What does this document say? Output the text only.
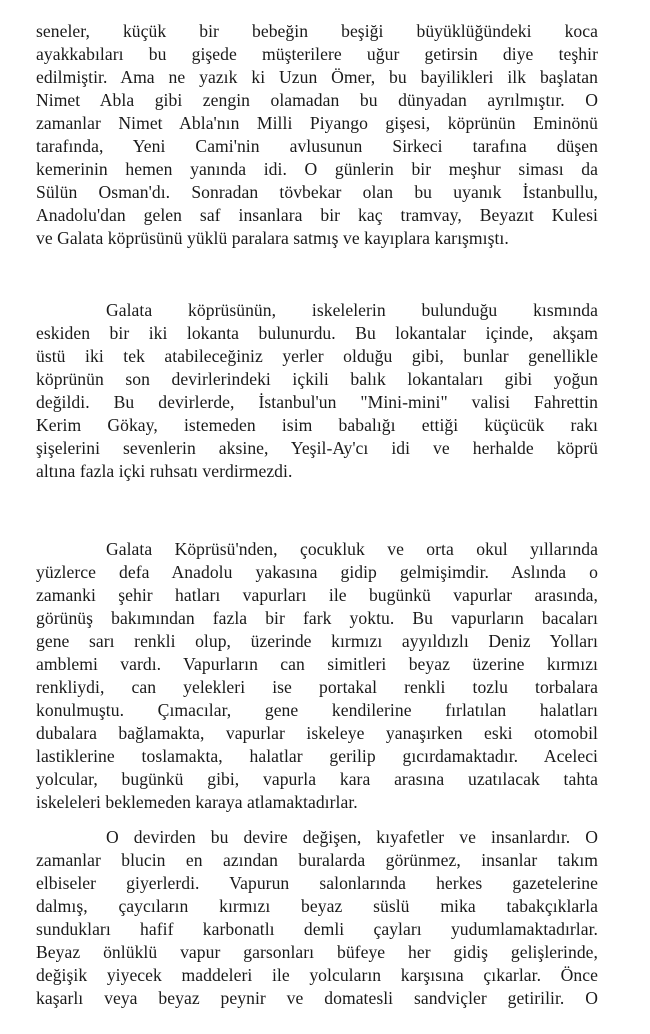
seneler, küçük bir bebeğin beşiği büyüklüğündeki koca
ayakkabıları bu gişede müşterilere uğur getirsin diye teşhir
edilmiştir. Ama ne yazık ki Uzun Ömer, bu bayilikleri ilk başlatan
Nimet Abla gibi zengin olamadan bu dünyadan ayrılmıştır. O
zamanlar Nimet Abla'nın Milli Piyango gişesi, köprünün Eminönü
tarafında, Yeni Cami'nin avlusunun Sirkeci tarafına düşen
kemerinin hemen yanında idi. O günlerin bir meşhur siması da
Sülün Osman'dı. Sonradan tövbekar olan bu uyanık İstanbullu,
Anadolu'dan gelen saf insanlara bir kaç tramvay, Beyazıt Kulesi
ve Galata köprüsünü yüklü paralara satmış ve kayıplara karışmıştı.
Galata köprüsünün, iskelelerin bulunduğu kısmında
eskiden bir iki lokanta bulunurdu. Bu lokantalar içinde, akşam
üstü iki tek atabileceğiniz yerler olduğu gibi, bunlar genellikle
köprünün son devirlerindeki içkili balık lokantaları gibi yoğun
değildi. Bu devirlerde, İstanbul'un "Mini-mini" valisi Fahrettin
Kerim Gökay, istemeden isim babalığı ettiği küçücük rakı
şişelerini sevenlerin aksine, Yeşil-Ay'cı idi ve herhalde köprü
altına fazla içki ruhsatı verdirmezdi.
Galata Köprüsü'nden, çocukluk ve orta okul yıllarında
yüzlerce defa Anadolu yakasına gidip gelmişimdir. Aslında o
zamanki şehir hatları vapurları ile bugünkü vapurlar arasında,
görünüş bakımından fazla bir fark yoktu. Bu vapurların bacaları
gene sarı renkli olup, üzerinde kırmızı ayyıldızlı Deniz Yolları
amblemi vardı. Vapurların can simitleri beyaz üzerine kırmızı
renkliydi, can yelekleri ise portakal renkli tozlu torbalara
konulmuştu. Çımacılar, gene kendilerine fırlatılan halatları
dubalara bağlamakta, vapurlar iskeleye yanaşırken eski otomobil
lastiklerine toslamakta, halatlar gerilip gıcırdamaktadır. Aceleci
yolcular, bugünkü gibi, vapurla kara arasına uzatılacak tahta
iskeleleri beklemeden karaya atlamaktadırlar.
O devirden bu devire değişen, kıyafetler ve insanlardır. O
zamanlar blucin en azından buralarda görünmez, insanlar takım
elbiseler giyerlerdi. Vapurun salonlarında herkes gazetelerine
dalmış, çaycıların kırmızı beyaz süslü mika tabakçıklarla
sundukları hafif karbonatlı demli çayları yudumlamaktadırlar.
Beyaz önlüklü vapur garsonları büfeye her gidiş gelişlerinde,
değişik yiyecek maddeleri ile yolcuların karşısına çıkarlar. Önce
kaşarlı veya beyaz peynir ve domatesli sandviçler getirilir. O
